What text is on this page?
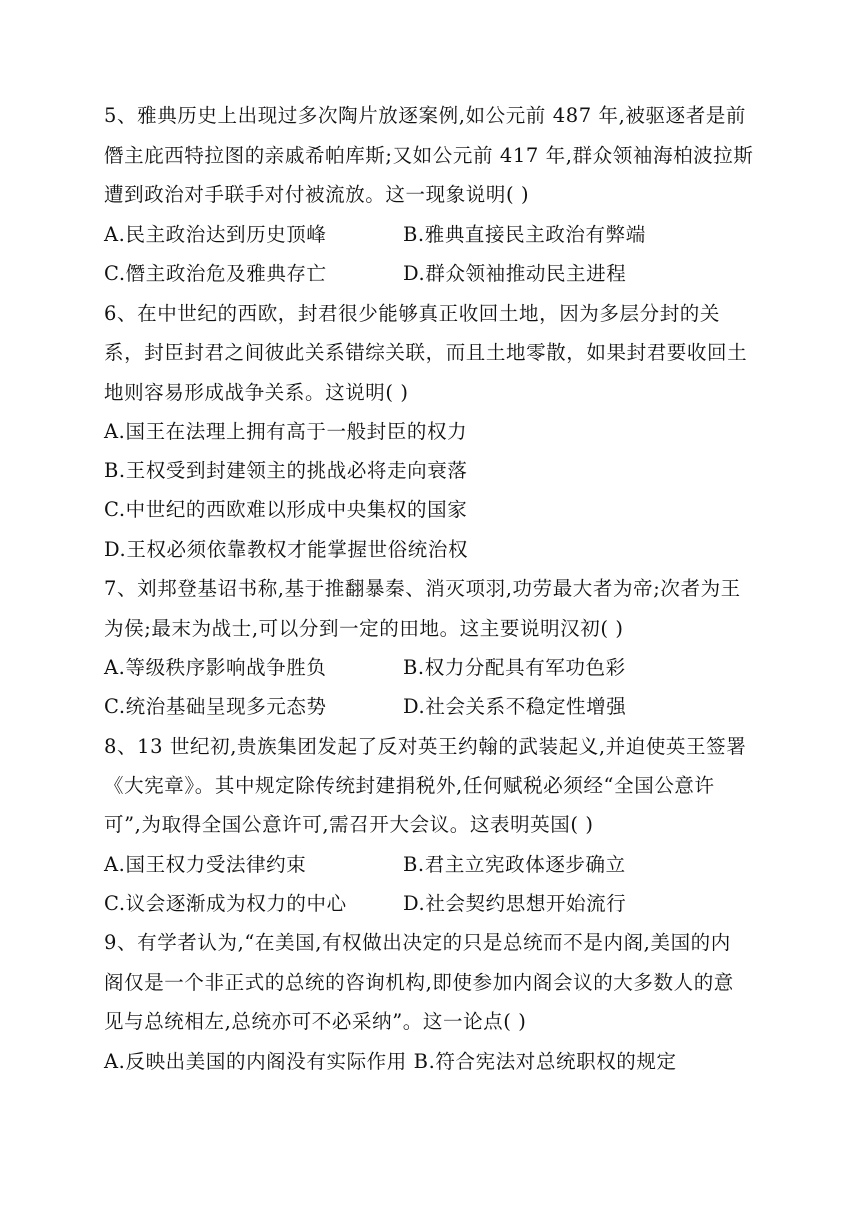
5、雅典历史上出现过多次陶片放逐案例,如公元前 487 年,被驱逐者是前
僭主庇西特拉图的亲戚希帕库斯;又如公元前 417 年,群众领袖海柏波拉斯
遭到政治对手联手对付被流放。这一现象说明( )
A.民主政治达到历史顶峰	B.雅典直接民主政治有弊端
C.僭主政治危及雅典存亡	D.群众领袖推动民主进程
6、在中世纪的西欧，封君很少能够真正收回土地，因为多层分封的关
系，封臣封君之间彼此关系错综关联，而且土地零散，如果封君要收回土
地则容易形成战争关系。这说明( )
A.国王在法理上拥有高于一般封臣的权力
B.王权受到封建领主的挑战必将走向衰落
C.中世纪的西欧难以形成中央集权的国家
D.王权必须依靠教权才能掌握世俗统治权
7、刘邦登基诏书称,基于推翻暴秦、消灭项羽,功劳最大者为帝;次者为王
为侯;最末为战士,可以分到一定的田地。这主要说明汉初( )
A.等级秩序影响战争胜负	B.权力分配具有军功色彩
C.统治基础呈现多元态势	D.社会关系不稳定性增强
8、13 世纪初,贵族集团发起了反对英王约翰的武装起义,并迫使英王签署
《大宪章》。其中规定除传统封建捐税外,任何赋税必须经“全国公意许
可”,为取得全国公意许可,需召开大会议。这表明英国( )
A.国王权力受法律约束	B.君主立宪政体逐步确立
C.议会逐渐成为权力的中心	D.社会契约思想开始流行
9、有学者认为,“在美国,有权做出决定的只是总统而不是内阁,美国的内
阁仅是一个非正式的总统的咨询机构,即使参加内阁会议的大多数人的意
见与总统相左,总统亦可不必采纳”。这一论点( )
A.反映出美国的内阁没有实际作用 B.符合宪法对总统职权的规定
